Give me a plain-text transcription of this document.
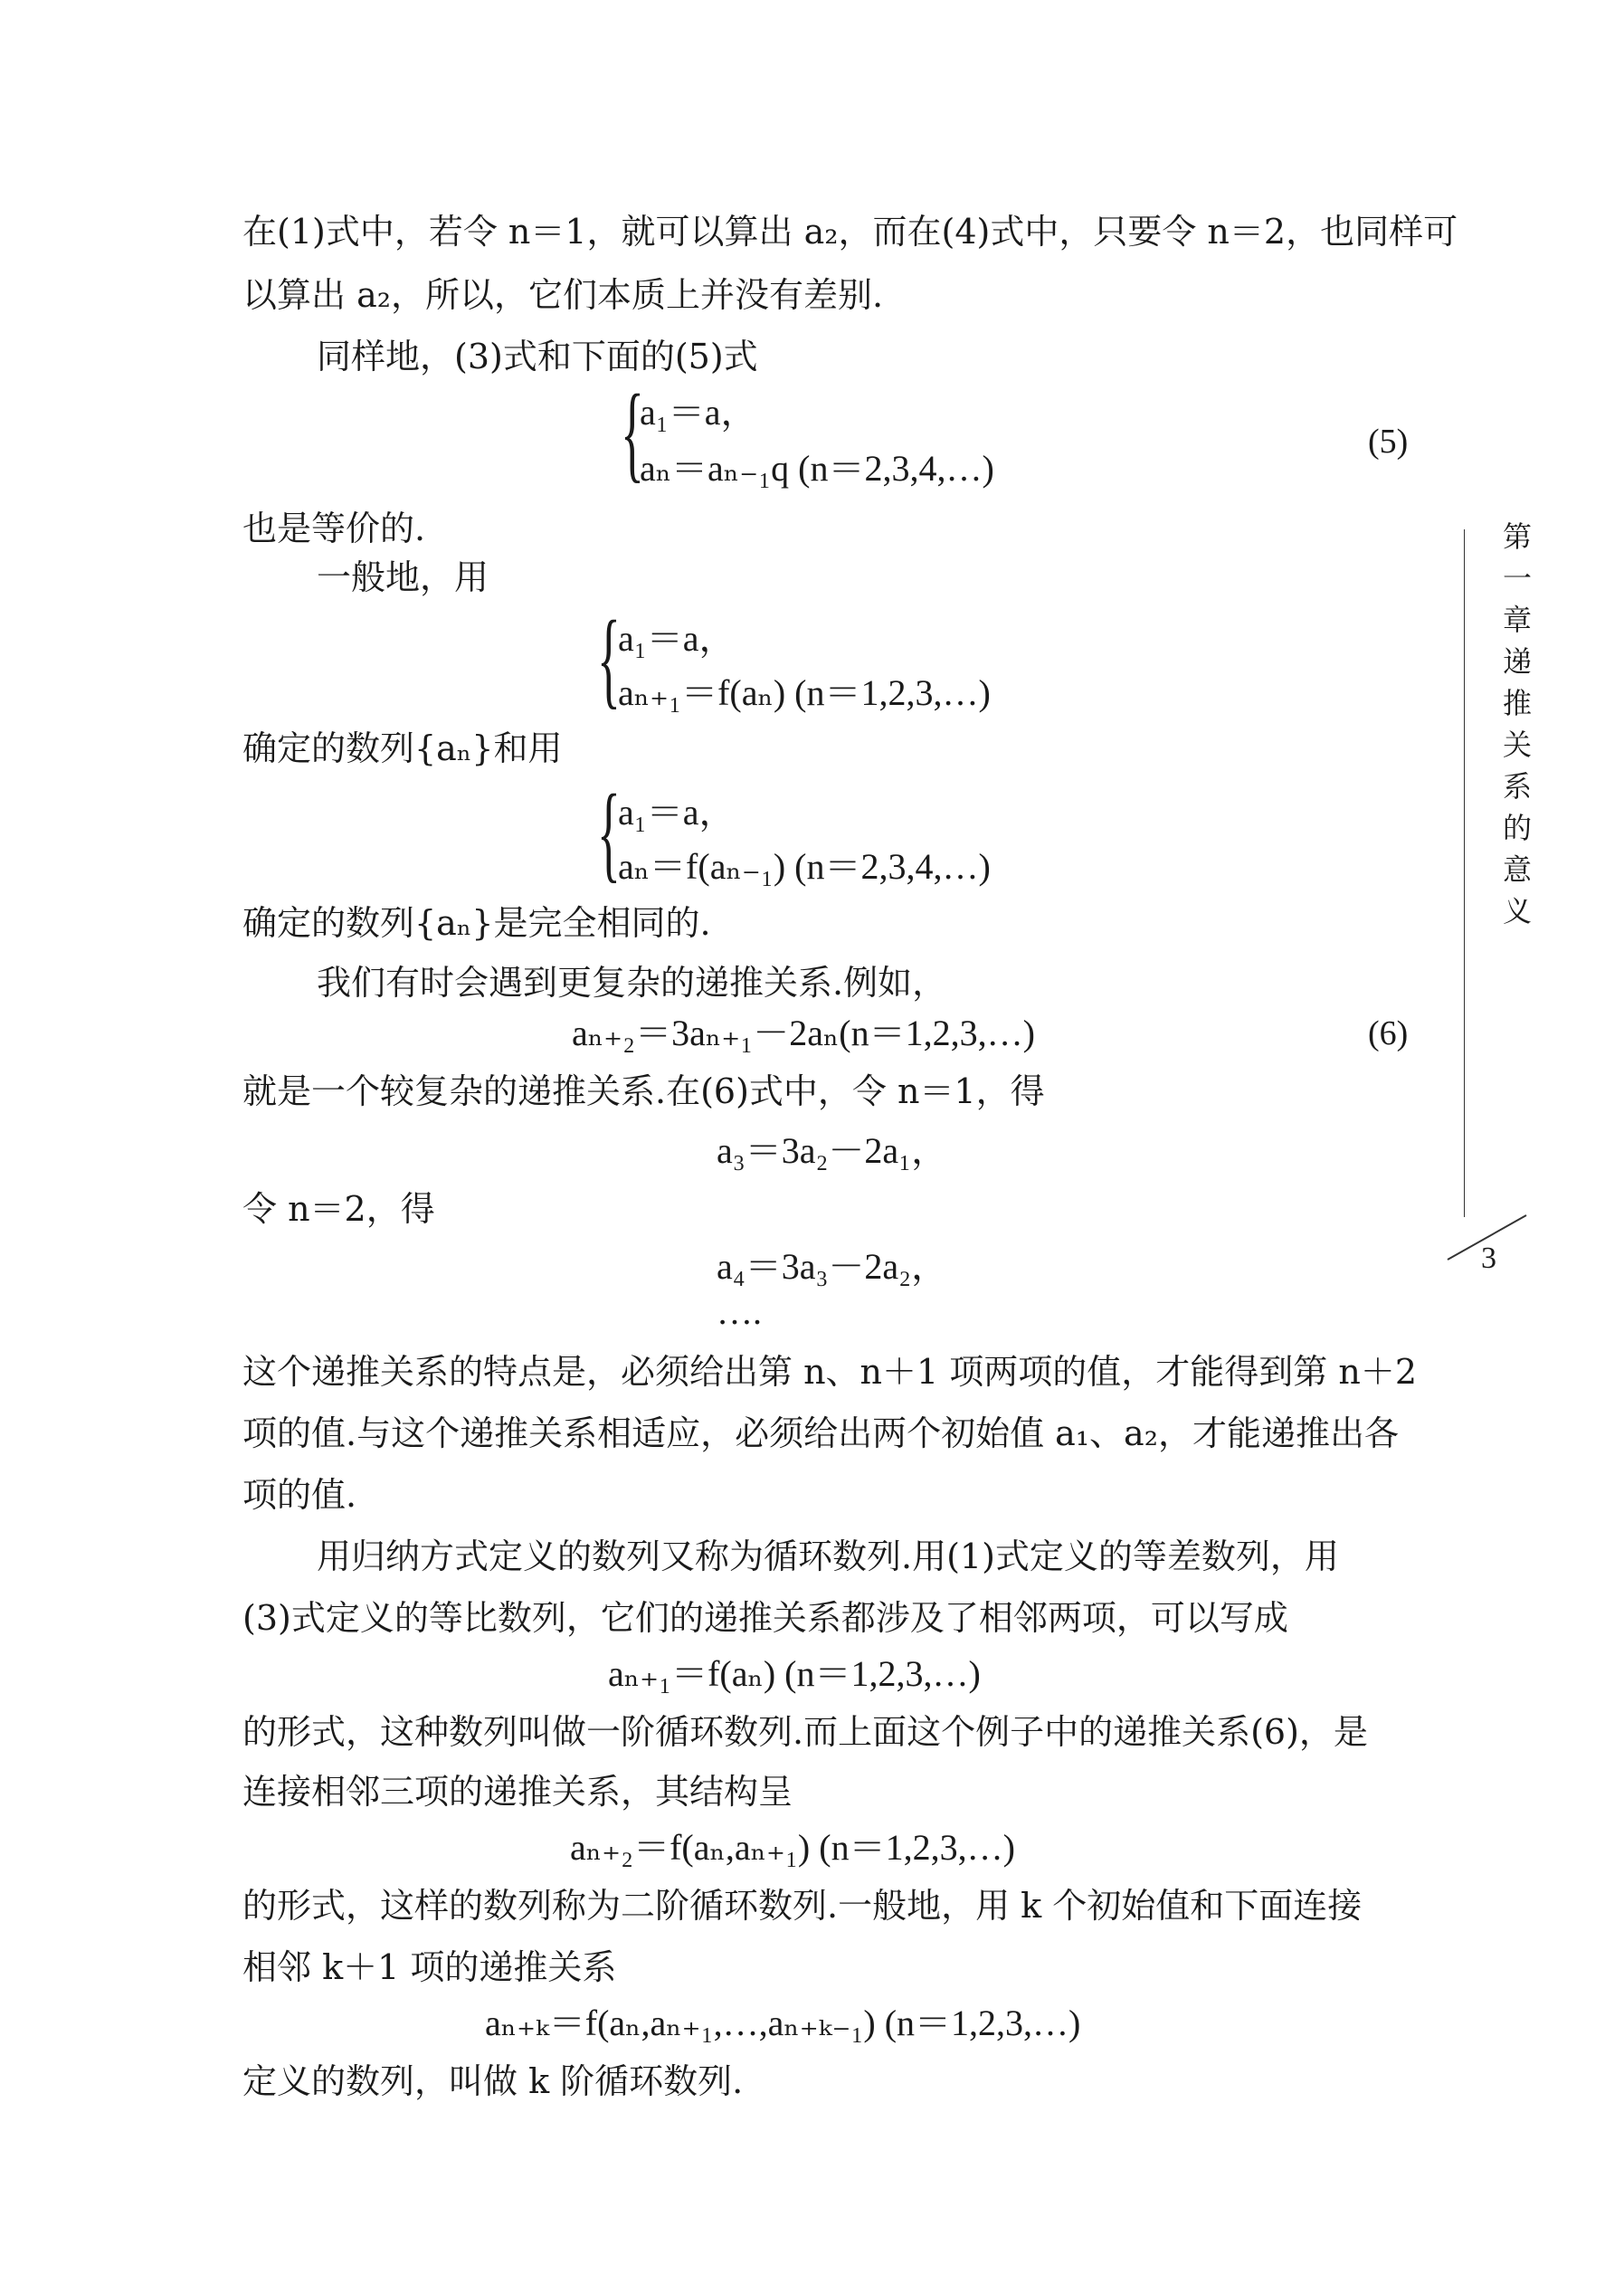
在(1)式中，若令 n＝1，就可以算出 a₂，而在(4)式中，只要令 n＝2，也同样可
以算出 a₂，所以，它们本质上并没有差别.
同样地，(3)式和下面的(5)式
{
a₁＝a，
aₙ＝aₙ₋₁q (n＝2,3,4,…)
(5)
也是等价的.
一般地，用
{
a₁＝a，
aₙ₊₁＝f(aₙ) (n＝1,2,3,…)
确定的数列{aₙ}和用
{
a₁＝a，
aₙ＝f(aₙ₋₁) (n＝2,3,4,…)
确定的数列{aₙ}是完全相同的.
我们有时会遇到更复杂的递推关系.例如，
aₙ₊₂＝3aₙ₊₁－2aₙ(n＝1,2,3,…)	(6)
就是一个较复杂的递推关系.在(6)式中，令 n＝1，得
a₃＝3a₂－2a₁，
令 n＝2，得
a₄＝3a₃－2a₂，
….
这个递推关系的特点是，必须给出第 n、n＋1 项两项的值，才能得到第 n＋2
项的值.与这个递推关系相适应，必须给出两个初始值 a₁、a₂，才能递推出各
项的值.
用归纳方式定义的数列又称为循环数列.用(1)式定义的等差数列，用
(3)式定义的等比数列，它们的递推关系都涉及了相邻两项，可以写成
aₙ₊₁＝f(aₙ) (n＝1,2,3,…)
的形式，这种数列叫做一阶循环数列.而上面这个例子中的递推关系(6)，是
连接相邻三项的递推关系，其结构呈
aₙ₊₂＝f(aₙ,aₙ₊₁) (n＝1,2,3,…)
的形式，这样的数列称为二阶循环数列.一般地，用 k 个初始值和下面连接
相邻 k＋1 项的递推关系
aₙ₊ₖ＝f(aₙ,aₙ₊₁,…,aₙ₊ₖ₋₁) (n＝1,2,3,…)
定义的数列，叫做 k 阶循环数列.
第一章　递推关系的意义
3
